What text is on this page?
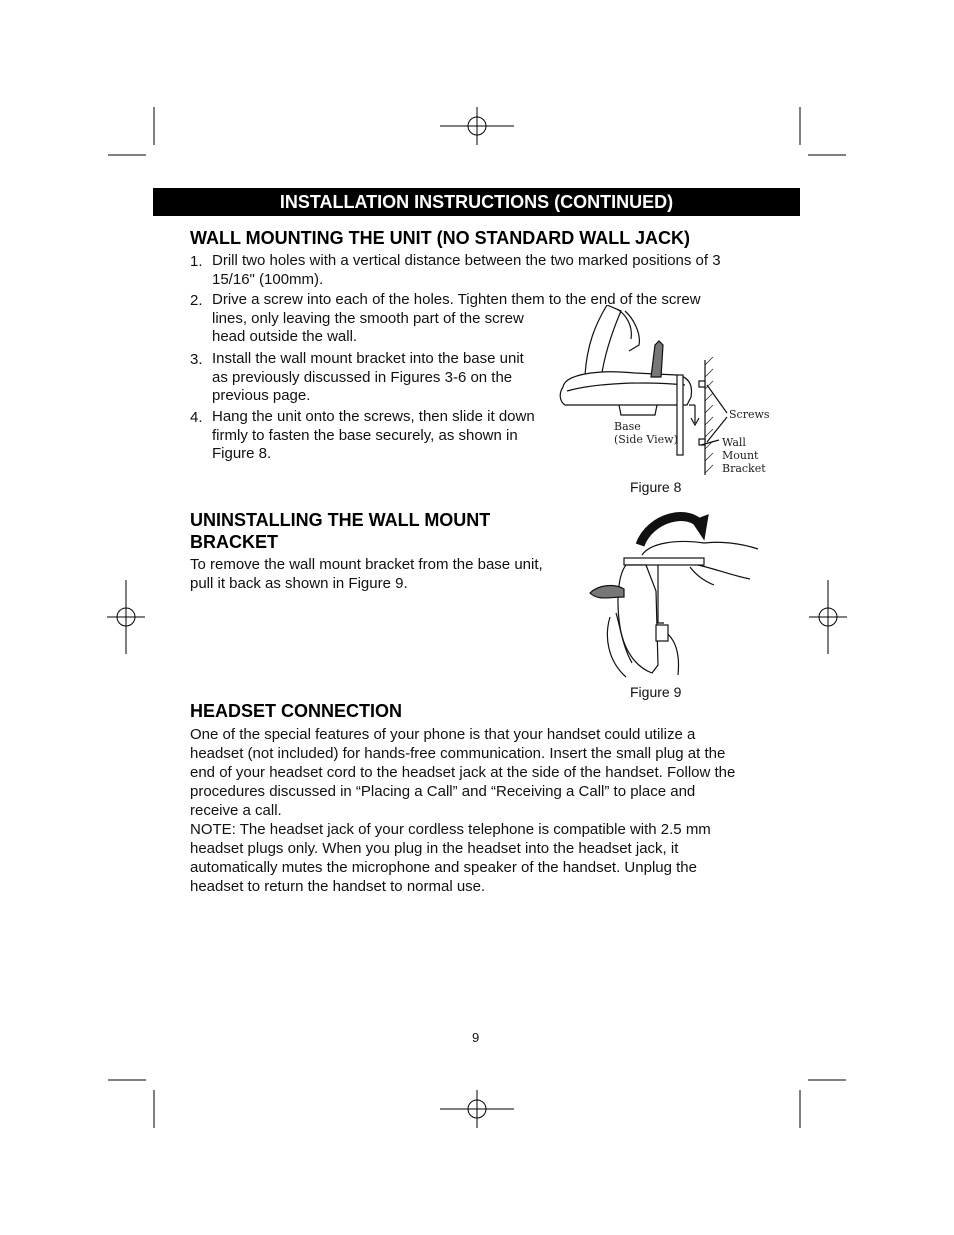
INSTALLATION INSTRUCTIONS (CONTINUED)
WALL MOUNTING THE UNIT (NO STANDARD WALL JACK)
1. Drill two holes with a vertical distance between the two marked positions of 3
15/16" (100mm).
2. Drive a screw into each of the holes. Tighten them to the end of the screw
lines, only leaving the smooth part of the screw
head outside the wall.
3. Install the wall mount bracket into the base unit
as previously discussed in Figures 3-6 on the
previous page.
4. Hang the unit onto the screws, then slide it down
firmly to fasten the base securely, as shown in
Figure 8.
Base
(Side View)
Screws
Wall
Mount
Bracket
Figure 8
UNINSTALLING THE WALL MOUNT
BRACKET
To remove the wall mount bracket from the base unit,
pull it back as shown in Figure 9.
Figure 9
HEADSET CONNECTION
One of the special features of your phone is that your handset could utilize a
headset (not included) for hands-free communication. Insert the small plug at the
end of your headset cord to the headset jack at the side of the handset. Follow the
procedures discussed in “Placing a Call” and “Receiving a Call” to place and
receive a call.
NOTE: The headset jack of your cordless telephone is compatible with 2.5 mm
headset plugs only. When you plug in the headset into the headset jack, it
automatically mutes the microphone and speaker of the handset. Unplug the
headset to return the handset to normal use.
9
